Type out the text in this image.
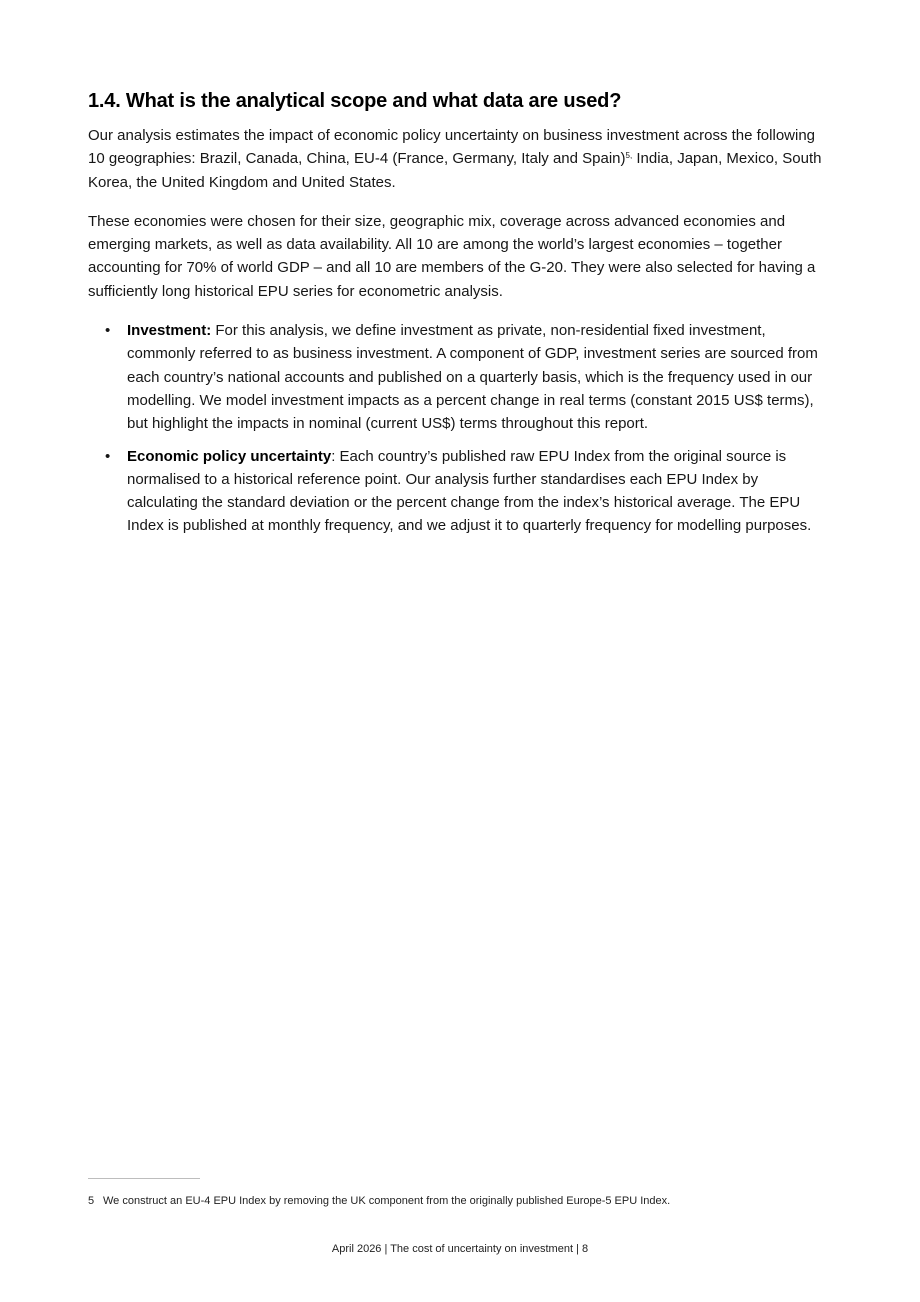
1.4. What is the analytical scope and what data are used?

Our analysis estimates the impact of economic policy uncertainty on business investment across the following 10 geographies: Brazil, Canada, China, EU-4 (France, Germany, Italy and Spain)$^{5,}$ India, Japan, Mexico, South Korea, the United Kingdom and United States.

These economies were chosen for their size, geographic mix, coverage across advanced economies and emerging markets, as well as data availability. All 10 are among the world’s largest economies – together accounting for 70% of world GDP – and all 10 are members of the G-20. They were also selected for having a sufficiently long historical EPU series for econometric analysis.

• Investment: For this analysis, we define investment as private, non-residential fixed investment, commonly referred to as business investment. A component of GDP, investment series are sourced from each country’s national accounts and published on a quarterly basis, which is the frequency used in our modelling. We model investment impacts as a percent change in real terms (constant 2015 US$ terms), but highlight the impacts in nominal (current US$) terms throughout this report.
• Economic policy uncertainty: Each country’s published raw EPU Index from the original source is normalised to a historical reference point. Our analysis further standardises each EPU Index by calculating the standard deviation or the percent change from the index’s historical average. The EPU Index is published at monthly frequency, and we adjust it to quarterly frequency for modelling purposes.
5 We construct an EU-4 EPU Index by removing the UK component from the originally published Europe-5 EPU Index.
April 2026 | The cost of uncertainty on investment | 8
